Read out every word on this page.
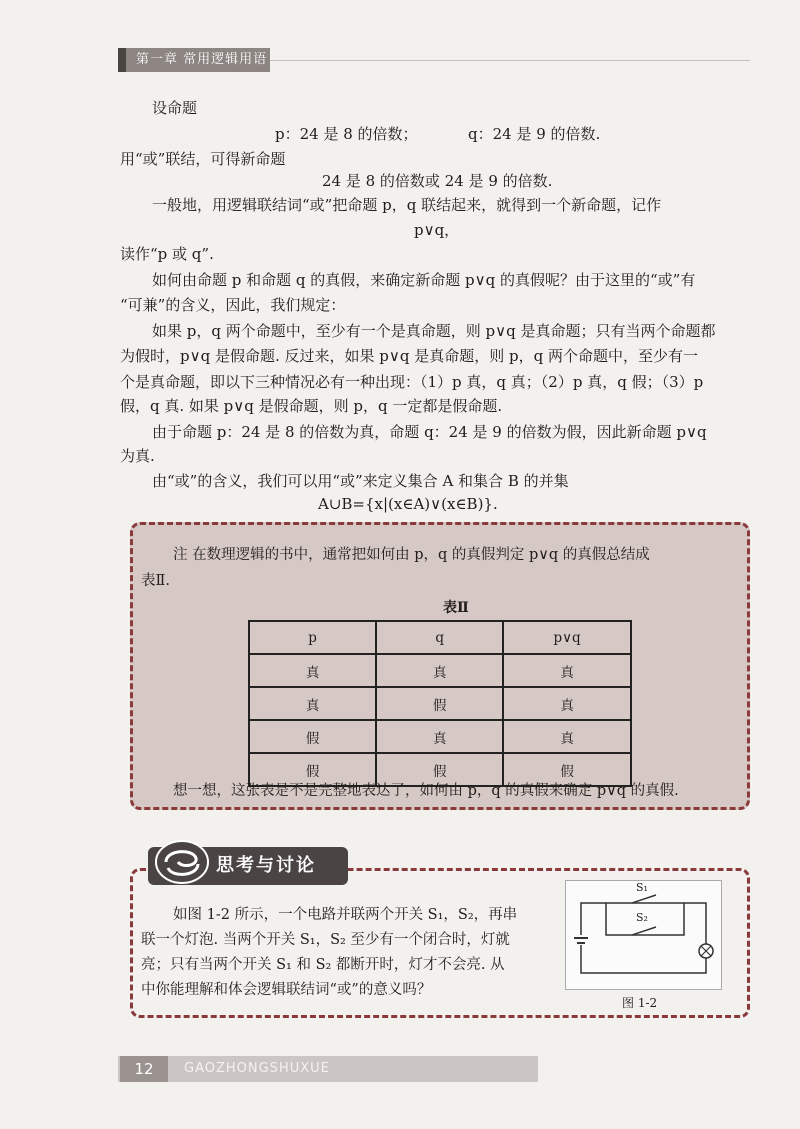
第一章 常用逻辑用语
设命题
p：24 是 8 的倍数；	q：24 是 9 的倍数.
用“或”联结，可得新命题
24 是 8 的倍数或 24 是 9 的倍数.
一般地，用逻辑联结词“或”把命题 p，q 联结起来，就得到一个新命题，记作
p∨q，
读作“p 或 q”.
如何由命题 p 和命题 q 的真假，来确定新命题 p∨q 的真假呢？由于这里的“或”有
“可兼”的含义，因此，我们规定：
如果 p，q 两个命题中，至少有一个是真命题，则 p∨q 是真命题；只有当两个命题都
为假时，p∨q 是假命题. 反过来，如果 p∨q 是真命题，则 p，q 两个命题中，至少有一
个是真命题，即以下三种情况必有一种出现：（1）p 真，q 真；（2）p 真，q 假；（3）p
假，q 真. 如果 p∨q 是假命题，则 p，q 一定都是假命题.
由于命题 p：24 是 8 的倍数为真，命题 q：24 是 9 的倍数为假，因此新命题 p∨q
为真.
由“或”的含义，我们可以用“或”来定义集合 A 和集合 B 的并集
A∪B={x|(x∈A)∨(x∈B)}.
注 在数理逻辑的书中，通常把如何由 p，q 的真假判定 p∨q 的真假总结成
表Ⅱ.
表Ⅱ
p	q	p∨q
真	真	真
真	假	真
假	真	真
假	假	假
想一想，这张表是不是完整地表达了，如何由 p，q 的真假来确定 p∨q 的真假.
如图 1-2 所示，一个电路并联两个开关 S₁，S₂，再串
联一个灯泡. 当两个开关 S₁，S₂ 至少有一个闭合时，灯就
亮；只有当两个开关 S₁ 和 S₂ 都断开时，灯才不会亮. 从
中你能理解和体会逻辑联结词“或”的意义吗？
思考与讨论
S₁
S₂
图 1-2
12	GAOZHONGSHUXUE
